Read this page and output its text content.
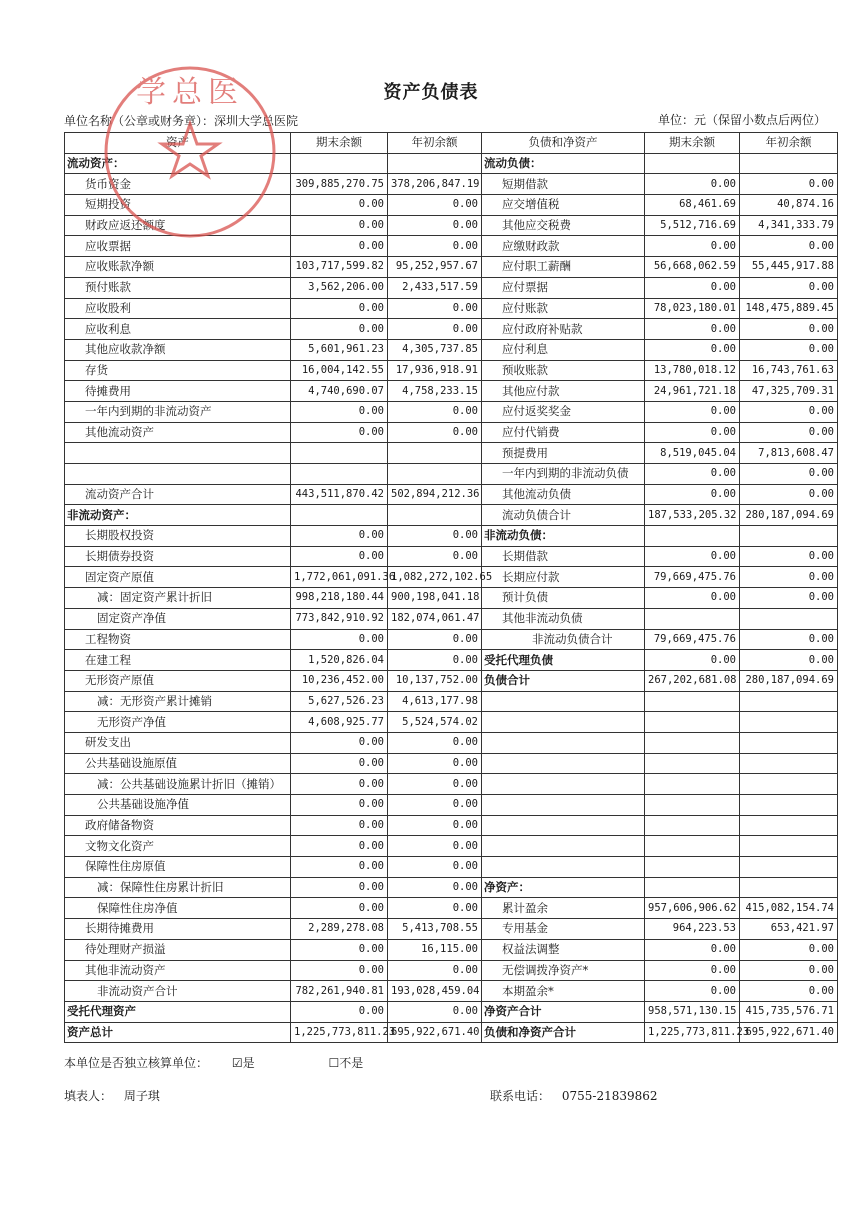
资产负债表
单位名称（公章或财务章）：深圳大学总医院	单位：元（保留小数点后两位）
资产	期末余额	年初余额	负债和净资产	期末余额	年初余额
流动资产：			流动负债：		
货币资金	309,885,270.75	378,206,847.19	短期借款	0.00	0.00
短期投资	0.00	0.00	应交增值税	68,461.69	40,874.16
财政应返还额度	0.00	0.00	其他应交税费	5,512,716.69	4,341,333.79
应收票据	0.00	0.00	应缴财政款	0.00	0.00
应收账款净额	103,717,599.82	95,252,957.67	应付职工薪酬	56,668,062.59	55,445,917.88
预付账款	3,562,206.00	2,433,517.59	应付票据	0.00	0.00
应收股利	0.00	0.00	应付账款	78,023,180.01	148,475,889.45
应收利息	0.00	0.00	应付政府补贴款	0.00	0.00
其他应收款净额	5,601,961.23	4,305,737.85	应付利息	0.00	0.00
存货	16,004,142.55	17,936,918.91	预收账款	13,780,018.12	16,743,761.63
待摊费用	4,740,690.07	4,758,233.15	其他应付款	24,961,721.18	47,325,709.31
一年内到期的非流动资产	0.00	0.00	应付返奖奖金	0.00	0.00
其他流动资产	0.00	0.00	应付代销费	0.00	0.00
			预提费用	8,519,045.04	7,813,608.47
			一年内到期的非流动负债	0.00	0.00
流动资产合计	443,511,870.42	502,894,212.36	其他流动负债	0.00	0.00
非流动资产：			流动负债合计	187,533,205.32	280,187,094.69
长期股权投资	0.00	0.00	非流动负债：		
长期债券投资	0.00	0.00	长期借款	0.00	0.00
固定资产原值	1,772,061,091.36	1,082,272,102.65	长期应付款	79,669,475.76	0.00
减：固定资产累计折旧	998,218,180.44	900,198,041.18	预计负债	0.00	0.00
固定资产净值	773,842,910.92	182,074,061.47	其他非流动负债		
工程物资	0.00	0.00	非流动负债合计	79,669,475.76	0.00
在建工程	1,520,826.04	0.00	受托代理负债	0.00	0.00
无形资产原值	10,236,452.00	10,137,752.00	负债合计	267,202,681.08	280,187,094.69
减：无形资产累计摊销	5,627,526.23	4,613,177.98			
无形资产净值	4,608,925.77	5,524,574.02			
研发支出	0.00	0.00			
公共基础设施原值	0.00	0.00			
减：公共基础设施累计折旧（摊销）	0.00	0.00			
公共基础设施净值	0.00	0.00			
政府储备物资	0.00	0.00			
文物文化资产	0.00	0.00			
保障性住房原值	0.00	0.00			
减：保障性住房累计折旧	0.00	0.00	净资产：		
保障性住房净值	0.00	0.00	累计盈余	957,606,906.62	415,082,154.74
长期待摊费用	2,289,278.08	5,413,708.55	专用基金	964,223.53	653,421.97
待处理财产损溢	0.00	16,115.00	权益法调整	0.00	0.00
其他非流动资产	0.00	0.00	无偿调拨净资产*	0.00	0.00
非流动资产合计	782,261,940.81	193,028,459.04	本期盈余*	0.00	0.00
受托代理资产	0.00	0.00	净资产合计	958,571,130.15	415,735,576.71
资产总计	1,225,773,811.23	695,922,671.40	负债和净资产合计	1,225,773,811.23	695,922,671.40
学总医
本单位是否独立核算单位： ☑是	☐不是
填表人： 周子琪	联系电话： 0755-21839862
